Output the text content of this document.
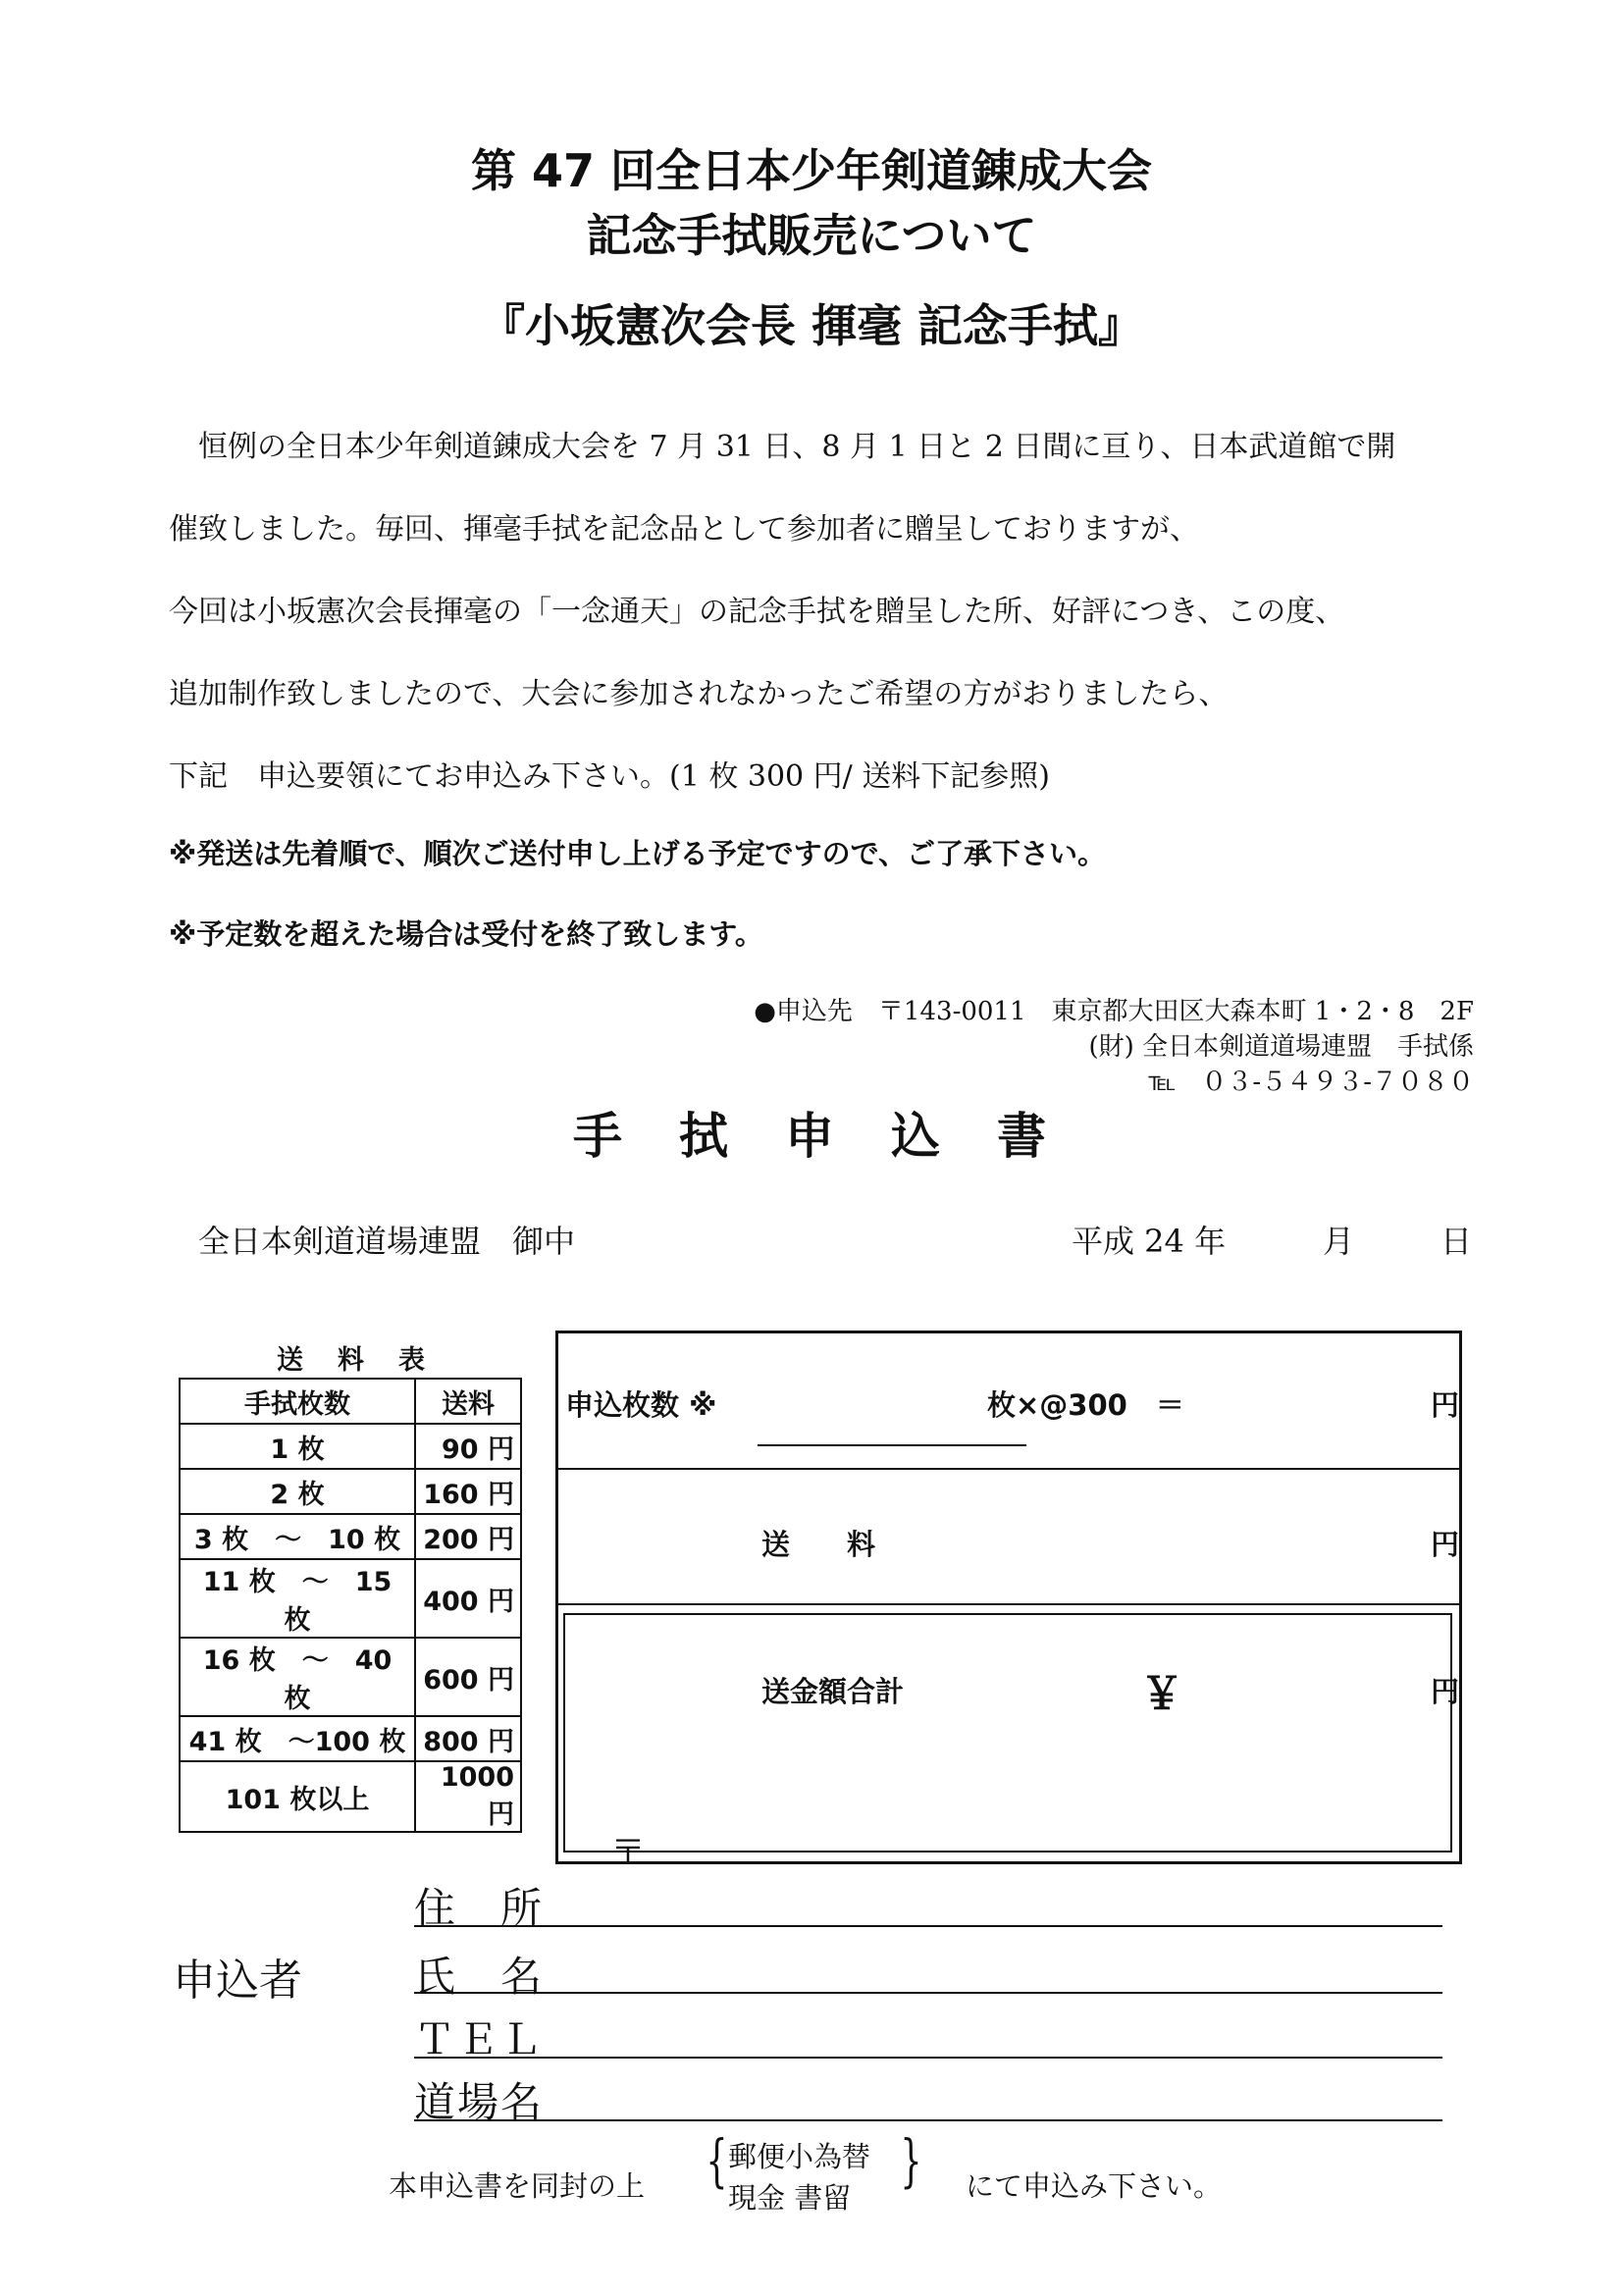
第 47 回全日本少年剣道錬成大会
記念手拭販売について
『小坂憲次会長 揮毫 記念手拭』
恒例の全日本少年剣道錬成大会を 7 月 31 日、8 月 1 日と 2 日間に亘り、日本武道館で開
催致しました。毎回、揮毫手拭を記念品として参加者に贈呈しておりますが、
今回は小坂憲次会長揮毫の「一念通天」の記念手拭を贈呈した所、好評につき、この度、
追加制作致しましたので、大会に参加されなかったご希望の方がおりましたら、
下記　申込要領にてお申込み下さい。(1 枚 300 円/ 送料下記参照)
※発送は先着順で、順次ご送付申し上げる予定ですので、ご了承下さい。
※予定数を超えた場合は受付を終了致します。
●申込先　〒143-0011　東京都大田区大森本町 1・2・8　2F
(財) 全日本剣道道場連盟　手拭係
℡　０３-５４９３-７０８０
手　拭　申　込　書
全日本剣道道場連盟　御中	平成 24 年	月	日
送　料　表
手拭枚数	送料
1 枚	90 円
2 枚	160 円
3 枚　～　10 枚	200 円
11 枚　～　15 枚	400 円
16 枚　～　40 枚	600 円
41 枚　～100 枚	800 円
101 枚以上	1000 円
申込枚数 ※	枚×@300　＝	円
送　　料	円
送金額合計	￥	円
〒
申込者
住　所
氏　名
ＴＥＬ
道場名
本申込書を同封の上 { 郵便小為替
現金 書留
} にて申込み下さい。
